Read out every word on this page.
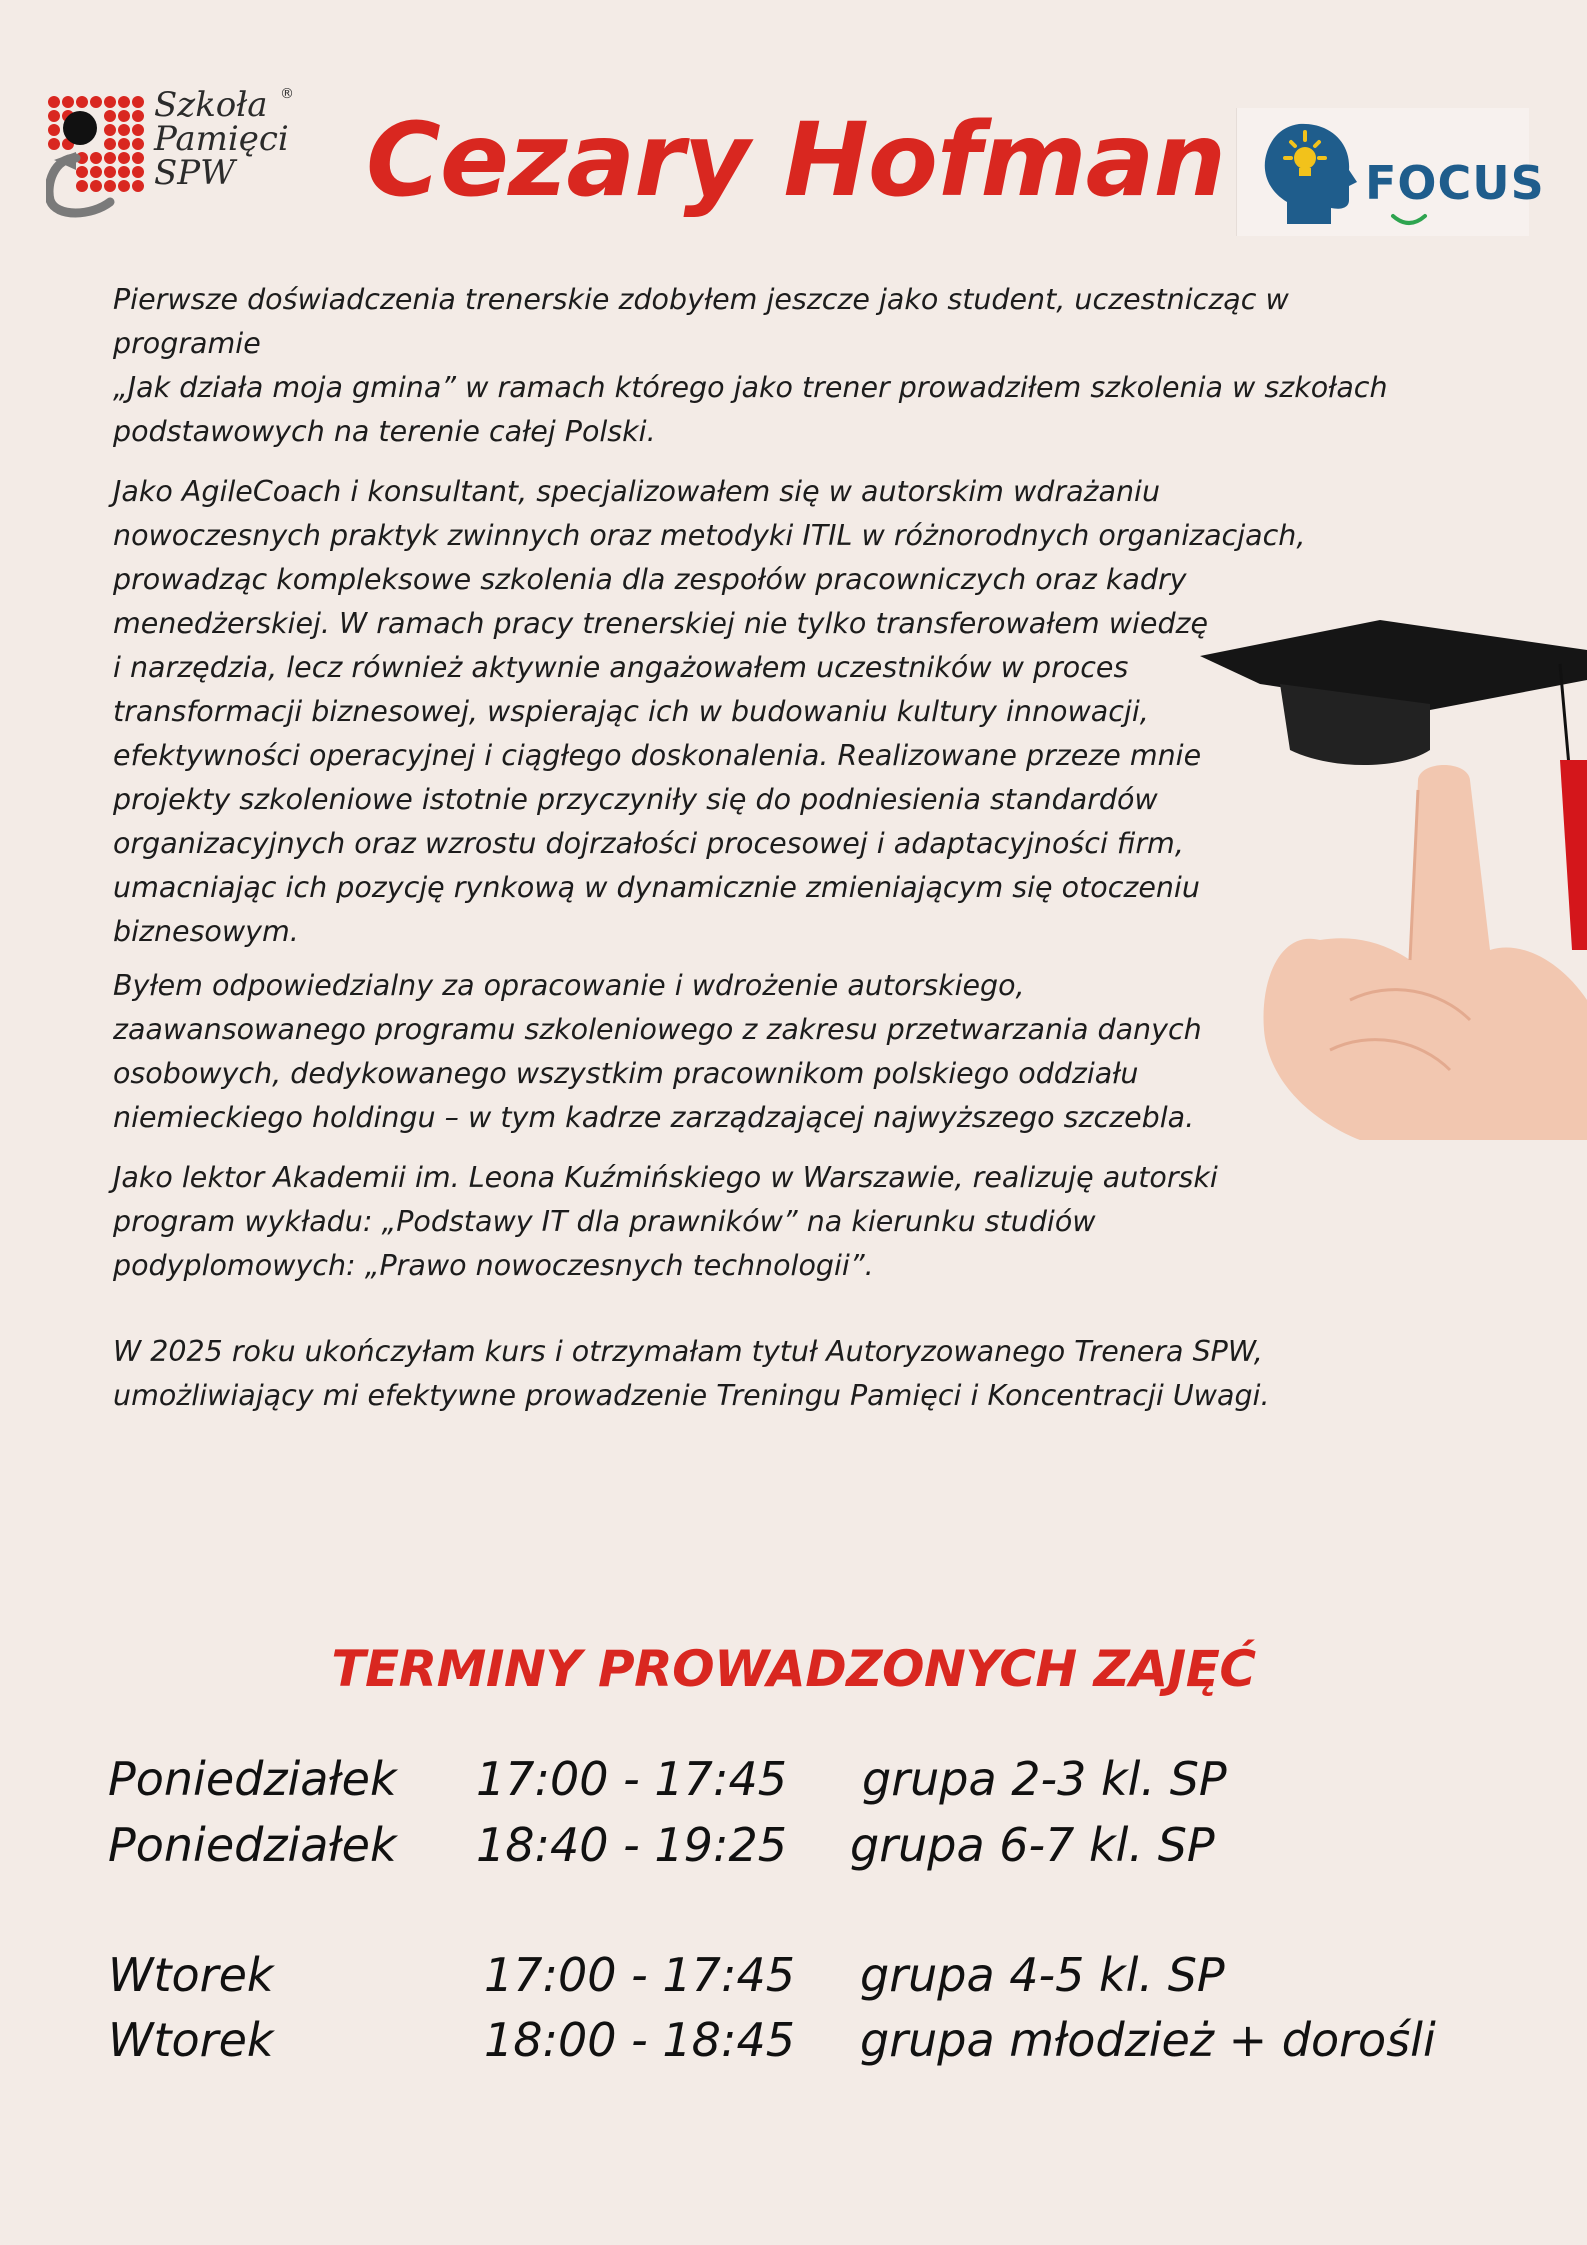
Szkoła
Pamięci
SPW
®
Cezary Hofman	FOCUS

Pierwsze doświadczenia trenerskie zdobyłem jeszcze jako student, uczestnicząc w programie
„Jak działa moja gmina” w ramach którego jako trener prowadziłem szkolenia w szkołach
podstawowych na terenie całej Polski.

Jako AgileCoach i konsultant, specjalizowałem się w autorskim wdrażaniu
nowoczesnych praktyk zwinnych oraz metodyki ITIL w różnorodnych organizacjach,
prowadząc kompleksowe szkolenia dla zespołów pracowniczych oraz kadry
menedżerskiej. W ramach pracy trenerskiej nie tylko transferowałem wiedzę
i narzędzia, lecz również aktywnie angażowałem uczestników w proces
transformacji biznesowej, wspierając ich w budowaniu kultury innowacji,
efektywności operacyjnej i ciągłego doskonalenia. Realizowane przeze mnie
projekty szkoleniowe istotnie przyczyniły się do podniesienia standardów
organizacyjnych oraz wzrostu dojrzałości procesowej i adaptacyjności firm,
umacniając ich pozycję rynkową w dynamicznie zmieniającym się otoczeniu
biznesowym.

Byłem odpowiedzialny za opracowanie i wdrożenie autorskiego,
zaawansowanego programu szkoleniowego z zakresu przetwarzania danych
osobowych, dedykowanego wszystkim pracownikom polskiego oddziału
niemieckiego holdingu – w tym kadrze zarządzającej najwyższego szczebla.

Jako lektor Akademii im. Leona Kuźmińskiego w Warszawie, realizuję autorski
program wykładu: „Podstawy IT dla prawników” na kierunku studiów
podyplomowych: „Prawo nowoczesnych technologii”.

W 2025 roku ukończyłam kurs i otrzymałam tytuł Autoryzowanego Trenera SPW,
umożliwiający mi efektywne prowadzenie Treningu Pamięci i Koncentracji Uwagi.

TERMINY PROWADZONYCH ZAJĘĆ
Poniedziałek 17:00 - 17:45 grupa 2-3 kl. SP
Poniedziałek 18:40 - 19:25 grupa 6-7 kl. SP
Wtorek	17:00 - 17:45 grupa 4-5 kl. SP
Wtorek	18:00 - 18:45 grupa młodzież + dorośli
